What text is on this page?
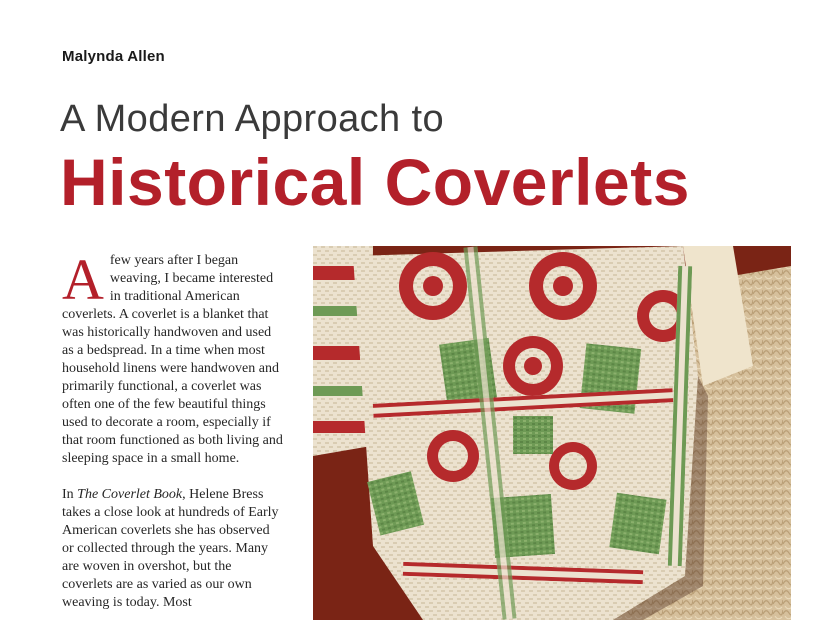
Malynda Allen
A Modern Approach to
Historical Coverlets

Afew years after I began weaving, I became interested in traditional American coverlets. A coverlet is a blanket that was historically handwoven and used as a bedspread. In a time when most household linens were handwoven and primarily functional, a coverlet was often one of the few beautiful things used to decorate a room, especially if that room functioned as both living and sleeping space in a small home.

In The Coverlet Book, Helene Bress takes a close look at hundreds of Early American coverlets she has observed or collected through the years. Many are woven in overshot, but the coverlets are as varied as our own weaving is today. Most
